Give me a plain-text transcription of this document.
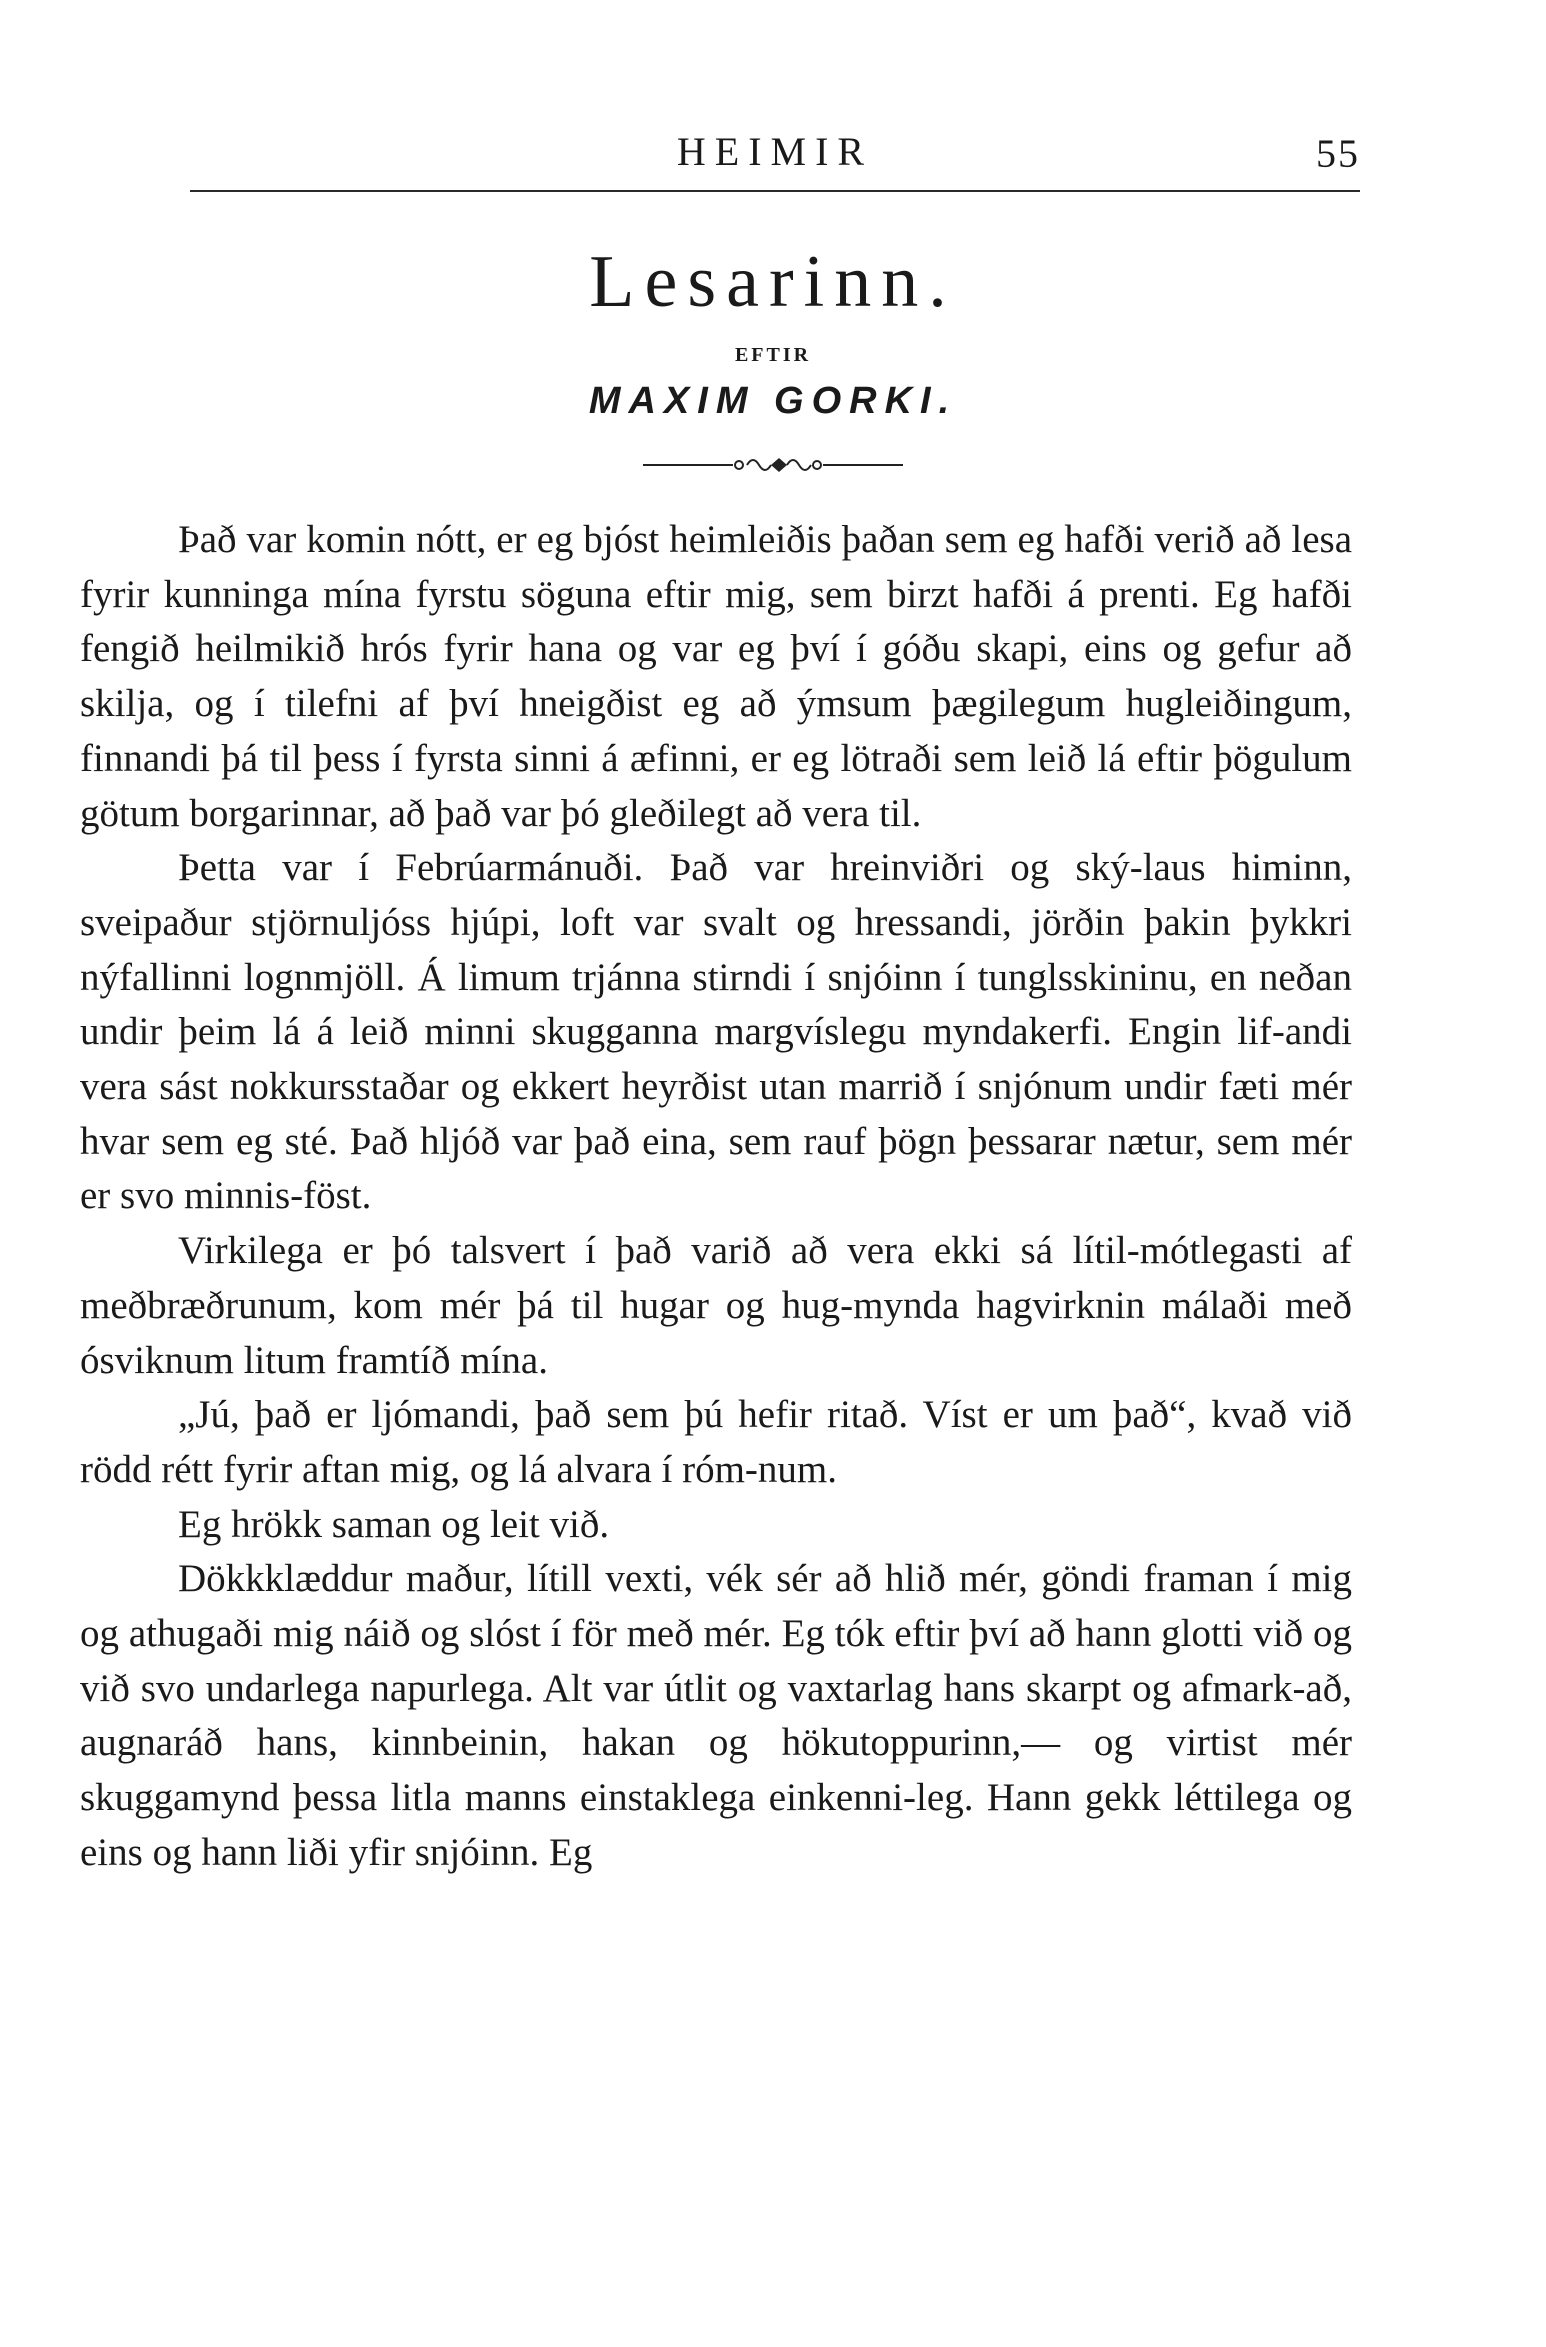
HEIMIR	55
Lesarinn.
EFTIR
MAXIM GORKI.

Það var komin nótt, er eg bjóst heimleiðis þaðan sem eg hafði verið að lesa fyrir kunninga mína fyrstu söguna eftir mig, sem birzt hafði á prenti. Eg hafði fengið heilmikið hrós fyrir hana og var eg því í góðu skapi, eins og gefur að skilja, og í tilefni af því hneigðist eg að ýmsum þægilegum hugleiðingum, finnandi þá til þess í fyrsta sinni á æfinni, er eg lötraði sem leið lá eftir þögulum götum borgarinnar, að það var þó gleðilegt að vera til.

Þetta var í Febrúarmánuði. Það var hreinviðri og ský-laus himinn, sveipaður stjörnuljóss hjúpi, loft var svalt og hressandi, jörðin þakin þykkri nýfallinni lognmjöll. Á limum trjánna stirndi í snjóinn í tunglsskininu, en neðan undir þeim lá á leið minni skugganna margvíslegu myndakerfi. Engin lif-andi vera sást nokkursstaðar og ekkert heyrðist utan marrið í snjónum undir fæti mér hvar sem eg sté. Það hljóð var það eina, sem rauf þögn þessarar nætur, sem mér er svo minnis-föst.

Virkilega er þó talsvert í það varið að vera ekki sá lítil-mótlegasti af meðbræðrunum, kom mér þá til hugar og hug-mynda hagvirknin málaði með ósviknum litum framtíð mína.

„Jú, það er ljómandi, það sem þú hefir ritað. Víst er um það“, kvað við rödd rétt fyrir aftan mig, og lá alvara í róm-num.

Eg hrökk saman og leit við.

Dökkklæddur maður, lítill vexti, vék sér að hlið mér, göndi framan í mig og athugaði mig náið og slóst í för með mér. Eg tók eftir því að hann glotti við og við svo undarlega napurlega. Alt var útlit og vaxtarlag hans skarpt og afmark-að, augnaráð hans, kinnbeinin, hakan og hökutoppurinn,— og virtist mér skuggamynd þessa litla manns einstaklega einkenni-leg. Hann gekk léttilega og eins og hann liði yfir snjóinn. Eg
